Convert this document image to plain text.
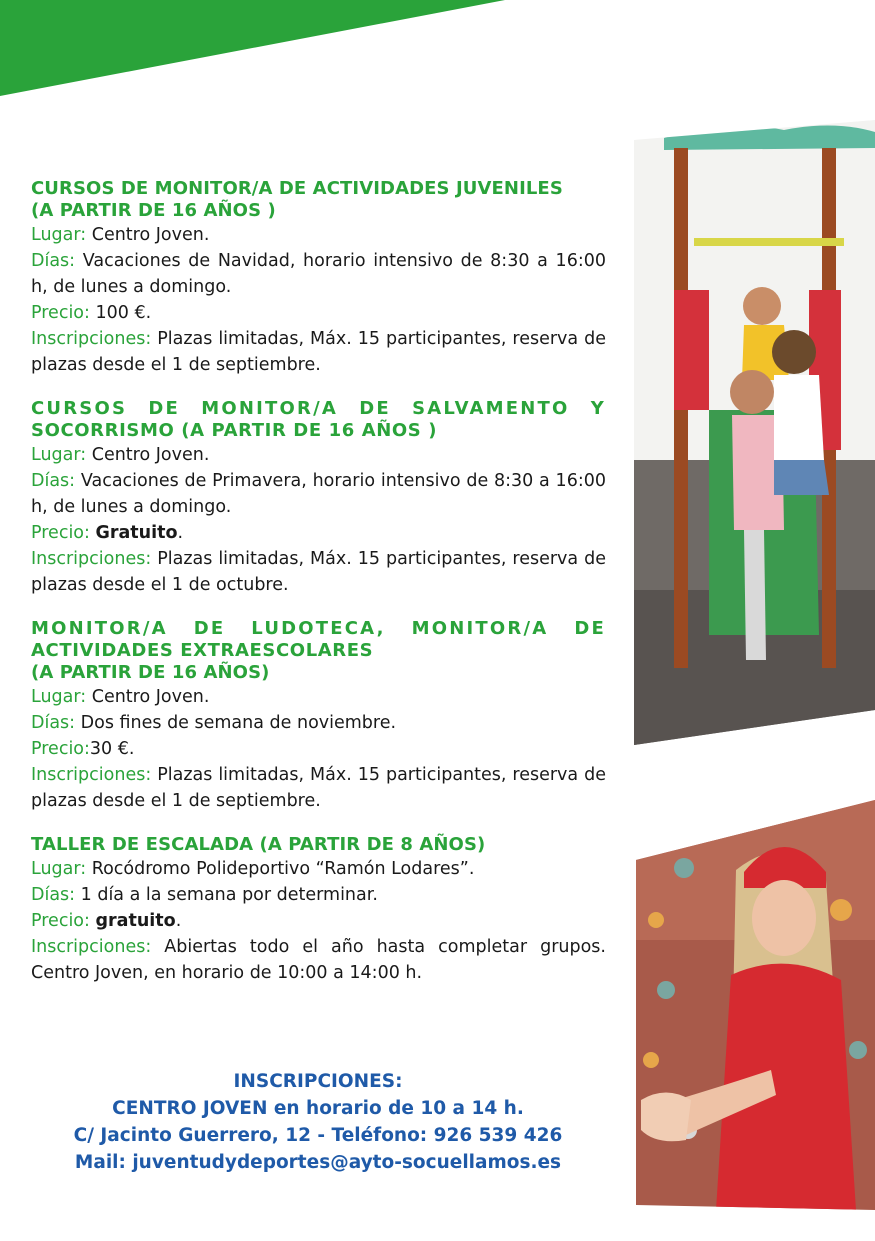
CURSOS DE MONITOR/A DE ACTIVIDADES JUVENILES
(A PARTIR DE 16 AÑOS )
Lugar: Centro Joven.
Días: Vacaciones de Navidad, horario intensivo de 8:30 a 16:00 h, de lunes a domingo.
Precio: 100 €.
Inscripciones: Plazas limitadas, Máx. 15 participantes, reserva de plazas desde el 1 de septiembre.
CURSOS DE MONITOR/A DE SALVAMENTO Y
SOCORRISMO (A PARTIR DE 16 AÑOS )
Lugar: Centro Joven.
Días: Vacaciones de Primavera, horario intensivo de 8:30 a 16:00 h, de lunes a domingo.
Precio: Gratuito.
Inscripciones: Plazas limitadas, Máx. 15 participantes, reserva de plazas desde el 1 de octubre.
MONITOR/A DE LUDOTECA, MONITOR/A DE
ACTIVIDADES EXTRAESCOLARES
(A PARTIR DE 16 AÑOS)
Lugar: Centro Joven.
Días: Dos fines de semana de noviembre.
Precio:30 €.
Inscripciones: Plazas limitadas, Máx. 15 participantes, reserva de plazas desde el 1 de septiembre.
TALLER DE ESCALADA (A PARTIR DE 8 AÑOS)
Lugar: Rocódromo Polideportivo “Ramón Lodares”.
Días: 1 día a la semana por determinar.
Precio: gratuito.
Inscripciones: Abiertas todo el año hasta completar grupos. Centro Joven, en horario de 10:00 a 14:00 h.
INSCRIPCIONES:
CENTRO JOVEN en horario de 10 a 14 h.
C/ Jacinto Guerrero, 12 - Teléfono: 926 539 426
Mail: juventudydeportes@ayto-socuellamos.es
